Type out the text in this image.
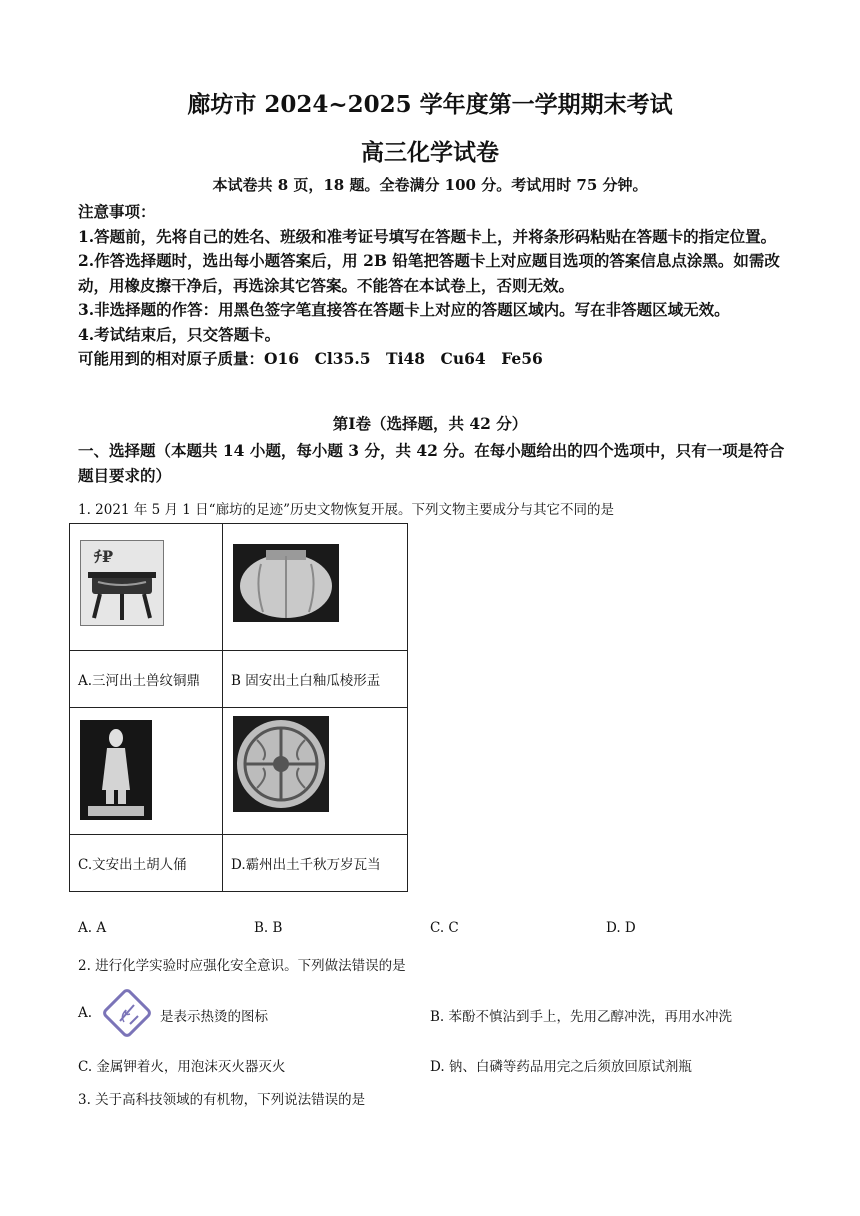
廊坊市 2024~2025 学年度第一学期期末考试
高三化学试卷
本试卷共 8 页，18 题。全卷满分 100 分。考试用时 75 分钟。

注意事项：

1.答题前，先将自己的姓名、班级和准考证号填写在答题卡上，并将条形码粘贴在答题卡的指定位置。

2.作答选择题时，选出每小题答案后，用 2B 铅笔把答题卡上对应题目选项的答案信息点涂黑。如需改动，用橡皮擦干净后，再选涂其它答案。不能答在本试卷上，否则无效。

3.非选择题的作答：用黑色签字笔直接答在答题卡上对应的答题区域内。写在非答题区域无效。

4.考试结束后，只交答题卡。

可能用到的相对原子质量：O16　Cl35.5　Ti48　Cu64　Fe56

第Ⅰ卷（选择题，共 42 分）
一、选择题（本题共 14 小题，每小题 3 分，共 42 分。在每小题给出的四个选项中，只有一项是符合题目要求的）
1. 2021 年 5 月 1 日“廊坊的足迹”历史文物恢复开展。下列文物主要成分与其它不同的是
ﾁ₽

A.三河出土兽纹铜鼎	B 固安出土白釉瓜棱形盂

C.文安出土胡人俑	D.霸州出土千秋万岁瓦当
A. A	B. B	C. C	D. D
2. 进行化学实验时应强化安全意识。下列做法错误的是
A.	是表示热烫的图标	B. 苯酚不慎沾到手上，先用乙醇冲洗，再用水冲洗
C. 金属钾着火，用泡沫灭火器灭火	D. 钠、白磷等药品用完之后须放回原试剂瓶
3. 关于高科技领域的有机物，下列说法错误的是
